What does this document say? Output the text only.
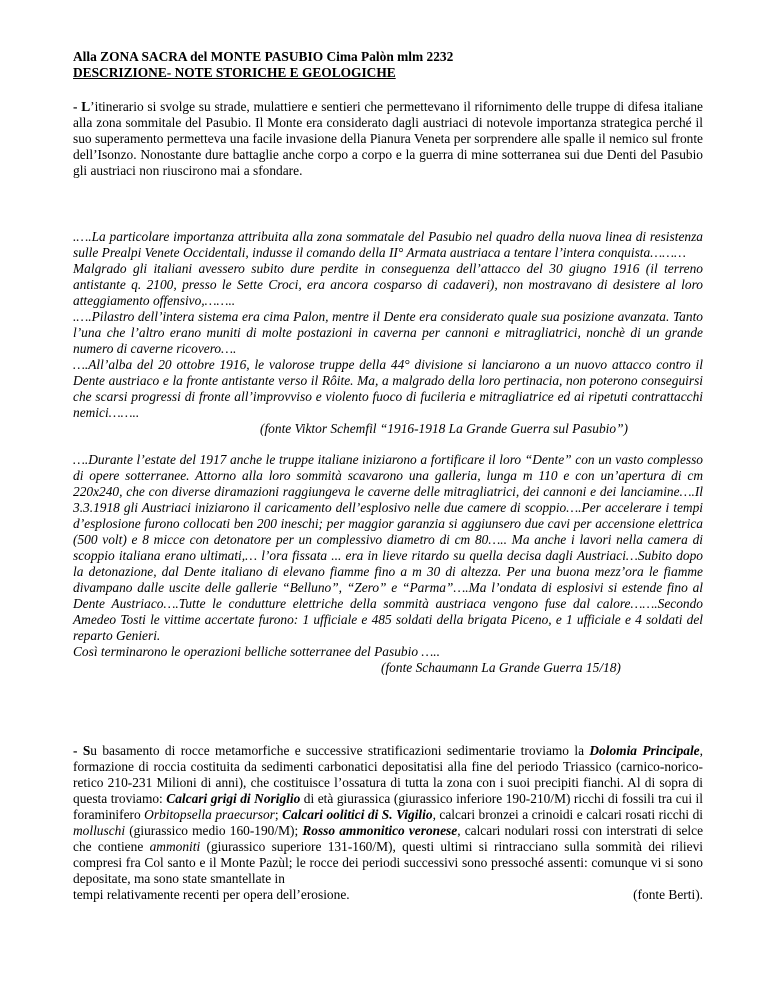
Alla ZONA SACRA del MONTE PASUBIO Cima Palòn mlm 2232
DESCRIZIONE- NOTE STORICHE E GEOLOGICHE

- L’itinerario si svolge su strade, mulattiere e sentieri che permettevano il rifornimento delle truppe di difesa italiane alla zona sommitale del Pasubio. Il Monte era considerato dagli austriaci di notevole importanza strategica perché il suo superamento permetteva una facile invasione della Pianura Veneta per sorprendere alle spalle il nemico sul fronte dell’Isonzo. Nonostante dure battaglie anche corpo a corpo e la guerra di mine sotterranea sui due Denti del Pasubio gli austriaci non riuscirono mai a sfondare.

.….La particolare importanza attribuita alla zona sommatale del Pasubio nel quadro della nuova linea di resistenza sulle Prealpi Venete Occidentali, indusse il comando della II° Armata austriaca a tentare l’intera conquista………

Malgrado gli italiani avessero subito dure perdite in conseguenza dell’attacco del 30 giugno 1916 (il terreno antistante q. 2100, presso le Sette Croci, era ancora cosparso di cadaveri), non mostravano di desistere al loro atteggiamento offensivo,……..

.….Pilastro dell’intera sistema era cima Palon, mentre il Dente era considerato quale sua posizione avanzata. Tanto l’una che l’altro erano muniti di molte postazioni in caverna per cannoni e mitragliatrici, nonchè di un grande numero di caverne ricovero….

….All’alba del 20 ottobre 1916, le valorose truppe della 44° divisione si lanciarono a un nuovo attacco contro il Dente austriaco e la fronte antistante verso il Rôite. Ma, a malgrado della loro pertinacia, non poterono conseguirsi che scarsi progressi di fronte all’improvviso e violento fuoco di fucileria e mitragliatrice ed ai ripetuti contrattacchi nemici……..

(fonte Viktor Schemfil “1916-1918 La Grande Guerra sul Pasubio”)

….Durante l’estate del 1917 anche le truppe italiane iniziarono a fortificare il loro “Dente” con un vasto complesso di opere sotterranee. Attorno alla loro sommità scavarono una galleria, lunga m 110 e con un’apertura di cm 220x240, che con diverse diramazioni raggiungeva le caverne delle mitragliatrici, dei cannoni e dei lanciamine….Il 3.3.1918 gli Austriaci iniziarono il caricamento dell’esplosivo nelle due camere di scoppio….Per accelerare i tempi d’esplosione furono collocati ben 200 ineschi; per maggior garanzia si aggiunsero due cavi per accensione elettrica (500 volt) e 8 micce con detonatore per un complessivo diametro di cm 80….. Ma anche i lavori nella camera di scoppio italiana erano ultimati,… l’ora fissata ... era in lieve ritardo su quella decisa dagli Austriaci…Subito dopo la detonazione, dal Dente italiano di elevano fiamme fino a m 30 di altezza. Per una buona mezz’ora le fiamme divampano dalle uscite delle gallerie “Belluno”, “Zero” e “Parma”….Ma l’ondata di esplosivi si estende fino al Dente Austriaco….Tutte le condutture elettriche della sommità austriaca vengono fuse dal calore…….Secondo Amedeo Tosti le vittime accertate furono: 1 ufficiale e 485 soldati della brigata Piceno, e 1 ufficiale e 4 soldati del reparto Genieri.

Così terminarono le operazioni belliche sotterranee del Pasubio …..

(fonte Schaumann La Grande Guerra 15/18)

- Su basamento di rocce metamorfiche e successive stratificazioni sedimentarie troviamo la Dolomia Principale, formazione di roccia costituita da sedimenti carbonatici depositatisi alla fine del periodo Triassico (carnico-norico-retico 210-231 Milioni di anni), che costituisce l’ossatura di tutta la zona con i suoi precipiti fianchi. Al di sopra di questa troviamo: Calcari grigi di Noriglio di età giurassica (giurassico inferiore 190-210/M) ricchi di fossili tra cui il foraminifero Orbitopsella praecursor; Calcari oolitici di S. Vigilio, calcari bronzei a crinoidi e calcari rosati ricchi di molluschi (giurassico medio 160-190/M); Rosso ammonitico veronese, calcari nodulari rossi con interstrati di selce che contiene ammoniti (giurassico superiore 131-160/M), questi ultimi si rintracciano sulla sommità dei rilievi compresi fra Col santo e il Monte Pazùl; le rocce dei periodi successivi sono pressoché assenti: comunque vi si sono depositate, ma sono state smantellate in

tempi relativamente recenti per opera dell’erosione.	(fonte Berti).
